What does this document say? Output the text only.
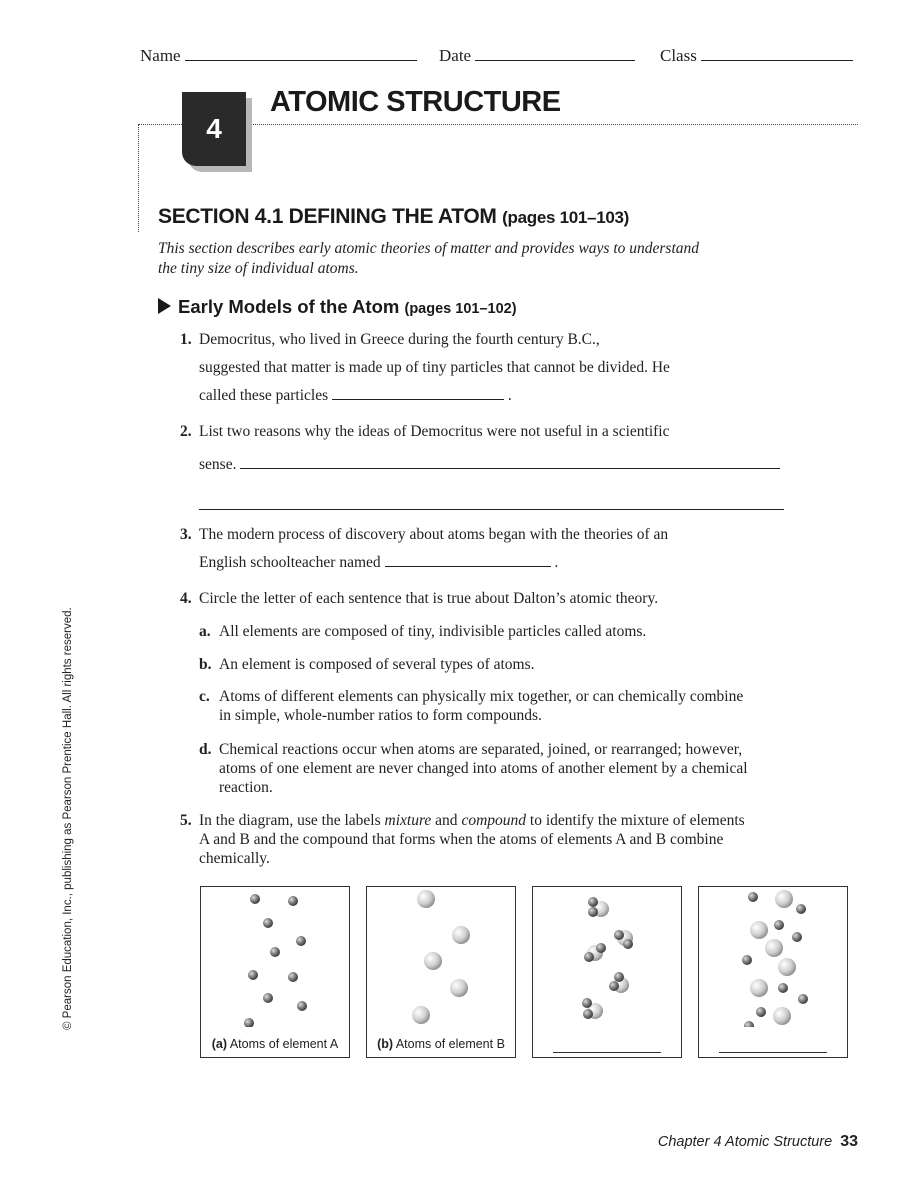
Name	Date	Class
4
ATOMIC STRUCTURE
SECTION 4.1 DEFINING THE ATOM (pages 101–103)
This section describes early atomic theories of matter and provides ways to understand the tiny size of individual atoms.
Early Models of the Atom (pages 101–102)
1. Democritus, who lived in Greece during the fourth century B.C.,
suggested that matter is made up of tiny particles that cannot be divided. He
called these particles	.
2. List two reasons why the ideas of Democritus were not useful in a scientific
sense.
3. The modern process of discovery about atoms began with the theories of an
English schoolteacher named	.
4. Circle the letter of each sentence that is true about Dalton’s atomic theory.
a. All elements are composed of tiny, indivisible particles called atoms.
b. An element is composed of several types of atoms.
c. Atoms of different elements can physically mix together, or can chemically combine in simple, whole-number ratios to form compounds.
d. Chemical reactions occur when atoms are separated, joined, or rearranged; however, atoms of one element are never changed into atoms of another element by a chemical reaction.
5. In the diagram, use the labels mixture and compound to identify the mixture of elements A and B and the compound that forms when the atoms of elements A and B combine chemically.
(a) Atoms of element A	(b) Atoms of element B
Chapter 4 Atomic Structure 33
© Pearson Education, Inc., publishing as Pearson Prentice Hall. All rights reserved.
